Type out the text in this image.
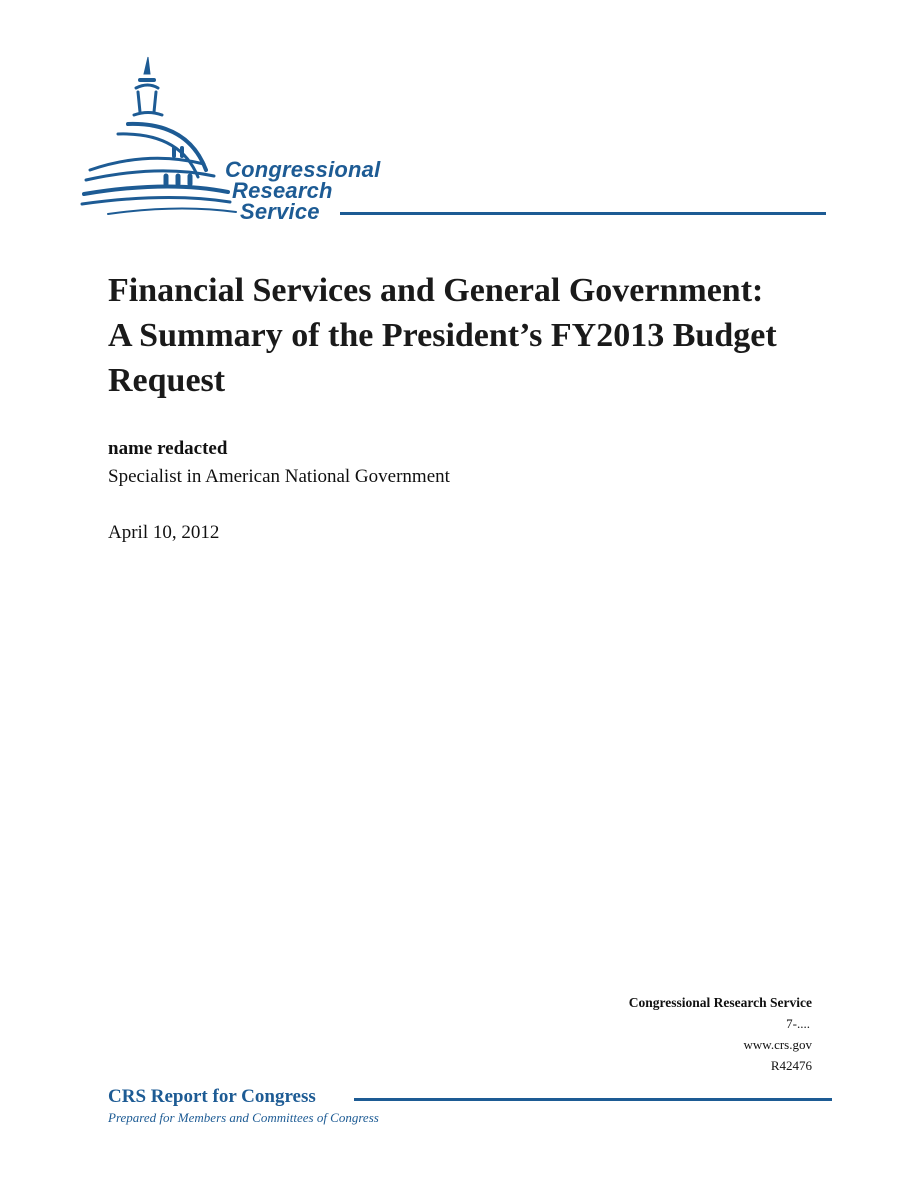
Congressional
Research
Service
Financial Services and General Government:
A Summary of the President’s FY2013 Budget
Request
name redacted
Specialist in American National Government
April 10, 2012
Congressional Research Service
7-....
www.crs.gov
R42476
CRS Report for Congress
Prepared for Members and Committees of Congress
